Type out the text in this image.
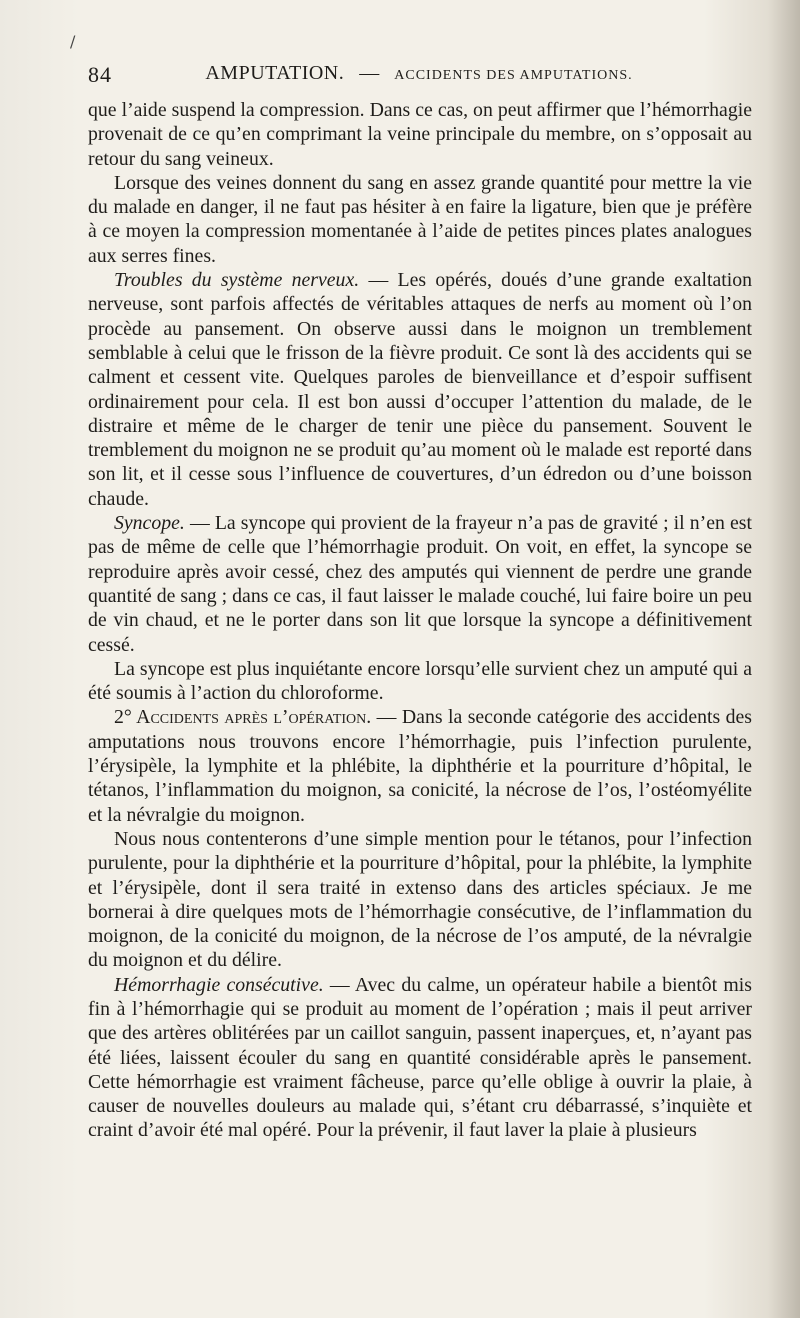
/
84	AMPUTATION. — ACCIDENTS DES AMPUTATIONS.

que l’aide suspend la compression. Dans ce cas, on peut affirmer que l’hémorrhagie provenait de ce qu’en comprimant la veine principale du membre, on s’opposait au retour du sang veineux.

Lorsque des veines donnent du sang en assez grande quantité pour mettre la vie du malade en danger, il ne faut pas hésiter à en faire la ligature, bien que je préfère à ce moyen la compression momentanée à l’aide de petites pinces plates analogues aux serres fines.

Troubles du système nerveux. — Les opérés, doués d’une grande exaltation nerveuse, sont parfois affectés de véritables attaques de nerfs au moment où l’on procède au pansement. On observe aussi dans le moignon un tremblement semblable à celui que le frisson de la fièvre produit. Ce sont là des accidents qui se calment et cessent vite. Quelques paroles de bienveillance et d’espoir suffisent ordinairement pour cela. Il est bon aussi d’occuper l’attention du malade, de le distraire et même de le charger de tenir une pièce du pansement. Souvent le tremblement du moignon ne se produit qu’au moment où le malade est reporté dans son lit, et il cesse sous l’influence de couvertures, d’un édredon ou d’une boisson chaude.

Syncope. — La syncope qui provient de la frayeur n’a pas de gravité ; il n’en est pas de même de celle que l’hémorrhagie produit. On voit, en effet, la syncope se reproduire après avoir cessé, chez des amputés qui viennent de perdre une grande quantité de sang ; dans ce cas, il faut laisser le malade couché, lui faire boire un peu de vin chaud, et ne le porter dans son lit que lorsque la syncope a définitivement cessé.

La syncope est plus inquiétante encore lorsqu’elle survient chez un amputé qui a été soumis à l’action du chloroforme.

2° Accidents après l’opération. — Dans la seconde catégorie des accidents des amputations nous trouvons encore l’hémorrhagie, puis l’infection purulente, l’érysipèle, la lymphite et la phlébite, la diphthérie et la pourriture d’hôpital, le tétanos, l’inflammation du moignon, sa conicité, la nécrose de l’os, l’ostéomyélite et la névralgie du moignon.

Nous nous contenterons d’une simple mention pour le tétanos, pour l’infection purulente, pour la diphthérie et la pourriture d’hôpital, pour la phlébite, la lymphite et l’érysipèle, dont il sera traité in extenso dans des articles spéciaux. Je me bornerai à dire quelques mots de l’hémorrhagie consécutive, de l’inflammation du moignon, de la conicité du moignon, de la nécrose de l’os amputé, de la névralgie du moignon et du délire.

Hémorrhagie consécutive. — Avec du calme, un opérateur habile a bientôt mis fin à l’hémorrhagie qui se produit au moment de l’opération ; mais il peut arriver que des artères oblitérées par un caillot sanguin, passent inaperçues, et, n’ayant pas été liées, laissent écouler du sang en quantité considérable après le pansement. Cette hémorrhagie est vraiment fâcheuse, parce qu’elle oblige à ouvrir la plaie, à causer de nouvelles douleurs au malade qui, s’étant cru débarrassé, s’inquiète et craint d’avoir été mal opéré. Pour la prévenir, il faut laver la plaie à plusieurs
